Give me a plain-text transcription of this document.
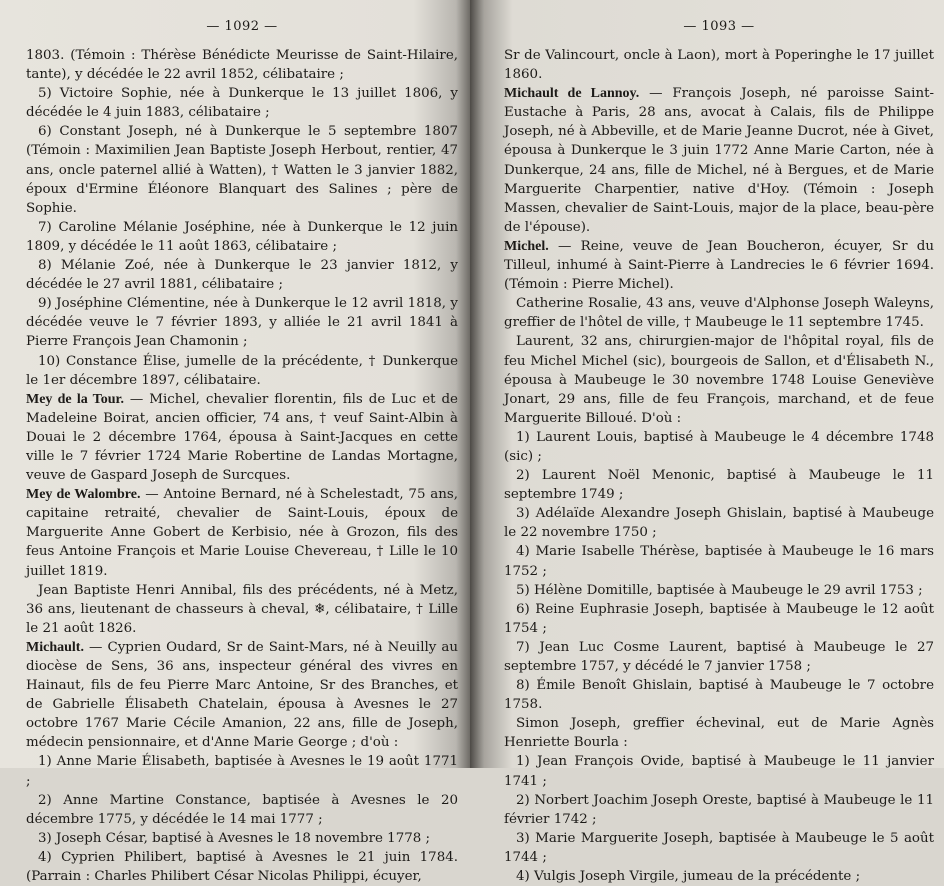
— 1092 —

1803. (Témoin : Thérèse Bénédicte Meurisse de Saint-Hilaire, tante), y décédée le 22 avril 1852, célibataire ;

5) Victoire Sophie, née à Dunkerque le 13 juillet 1806, y décédée le 4 juin 1883, célibataire ;

6) Constant Joseph, né à Dunkerque le 5 septembre 1807 (Témoin : Maximilien Jean Baptiste Joseph Herbout, rentier, 47 ans, oncle paternel allié à Watten), † Watten le 3 janvier 1882, époux d'Ermine Éléonore Blanquart des Salines ; père de Sophie.

7) Caroline Mélanie Joséphine, née à Dunkerque le 12 juin 1809, y décédée le 11 août 1863, célibataire ;

8) Mélanie Zoé, née à Dunkerque le 23 janvier 1812, y décédée le 27 avril 1881, célibataire ;

9) Joséphine Clémentine, née à Dunkerque le 12 avril 1818, y décédée veuve le 7 février 1893, y alliée le 21 avril 1841 à Pierre François Jean Chamonin ;

10) Constance Élise, jumelle de la précédente, † Dunkerque le 1er décembre 1897, célibataire.

Mey de la Tour. — Michel, chevalier florentin, fils de Luc et de Madeleine Boirat, ancien officier, 74 ans, † veuf Saint-Albin à Douai le 2 décembre 1764, épousa à Saint-Jacques en cette ville le 7 février 1724 Marie Robertine de Landas Mortagne, veuve de Gaspard Joseph de Surcques.

Mey de Walombre. — Antoine Bernard, né à Schelestadt, 75 ans, capitaine retraité, chevalier de Saint-Louis, époux de Marguerite Anne Gobert de Kerbisio, née à Grozon, fils des feus Antoine François et Marie Louise Chevereau, † Lille le 10 juillet 1819.

Jean Baptiste Henri Annibal, fils des précédents, né à Metz, 36 ans, lieutenant de chasseurs à cheval, ❄, célibataire, † Lille le 21 août 1826.

Michault. — Cyprien Oudard, Sr de Saint-Mars, né à Neuilly au diocèse de Sens, 36 ans, inspecteur général des vivres en Hainaut, fils de feu Pierre Marc Antoine, Sr des Branches, et de Gabrielle Élisabeth Chatelain, épousa à Avesnes le 27 octobre 1767 Marie Cécile Amanion, 22 ans, fille de Joseph, médecin pensionnaire, et d'Anne Marie George ; d'où :

1) Anne Marie Élisabeth, baptisée à Avesnes le 19 août 1771 ;

2) Anne Martine Constance, baptisée à Avesnes le 20 décembre 1775, y décédée le 14 mai 1777 ;

3) Joseph César, baptisé à Avesnes le 18 novembre 1778 ;

4) Cyprien Philibert, baptisé à Avesnes le 21 juin 1784. (Parrain : Charles Philibert César Nicolas Philippi, écuyer,

— 1093 —

Sr de Valincourt, oncle à Laon), mort à Poperinghe le 17 juillet 1860.

Michault de Lannoy. — François Joseph, né paroisse Saint-Eustache à Paris, 28 ans, avocat à Calais, fils de Philippe Joseph, né à Abbeville, et de Marie Jeanne Ducrot, née à Givet, épousa à Dunkerque le 3 juin 1772 Anne Marie Carton, née à Dunkerque, 24 ans, fille de Michel, né à Bergues, et de Marie Marguerite Charpentier, native d'Hoy. (Témoin : Joseph Massen, chevalier de Saint-Louis, major de la place, beau-père de l'épouse).

Michel. — Reine, veuve de Jean Boucheron, écuyer, Sr du Tilleul, inhumé à Saint-Pierre à Landrecies le 6 février 1694. (Témoin : Pierre Michel).

Catherine Rosalie, 43 ans, veuve d'Alphonse Joseph Waleyns, greffier de l'hôtel de ville, † Maubeuge le 11 septembre 1745.

Laurent, 32 ans, chirurgien-major de l'hôpital royal, fils de feu Michel Michel (sic), bourgeois de Sallon, et d'Élisabeth N., épousa à Maubeuge le 30 novembre 1748 Louise Geneviève Jonart, 29 ans, fille de feu François, marchand, et de feue Marguerite Billoué. D'où :

1) Laurent Louis, baptisé à Maubeuge le 4 décembre 1748 (sic) ;

2) Laurent Noël Menonic, baptisé à Maubeuge le 11 septembre 1749 ;

3) Adélaïde Alexandre Joseph Ghislain, baptisé à Maubeuge le 22 novembre 1750 ;

4) Marie Isabelle Thérèse, baptisée à Maubeuge le 16 mars 1752 ;

5) Hélène Domitille, baptisée à Maubeuge le 29 avril 1753 ;

6) Reine Euphrasie Joseph, baptisée à Maubeuge le 12 août 1754 ;

7) Jean Luc Cosme Laurent, baptisé à Maubeuge le 27 septembre 1757, y décédé le 7 janvier 1758 ;

8) Émile Benoît Ghislain, baptisé à Maubeuge le 7 octobre 1758.

Simon Joseph, greffier échevinal, eut de Marie Agnès Henriette Bourla :

1) Jean François Ovide, baptisé à Maubeuge le 11 janvier 1741 ;

2) Norbert Joachim Joseph Oreste, baptisé à Maubeuge le 11 février 1742 ;

3) Marie Marguerite Joseph, baptisée à Maubeuge le 5 août 1744 ;

4) Vulgis Joseph Virgile, jumeau de la précédente ;
